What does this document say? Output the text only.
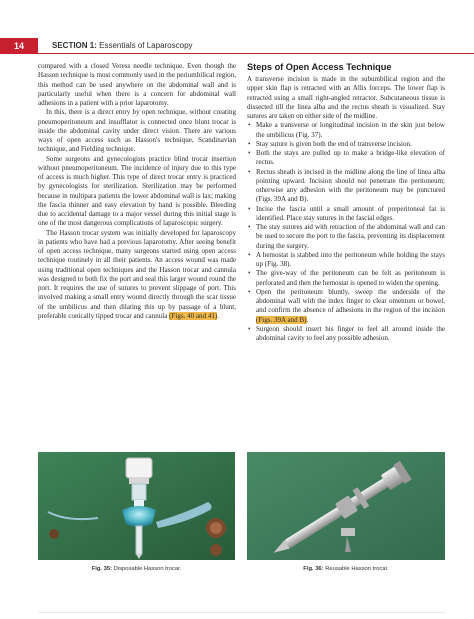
14	SECTION 1: Essentials of Laparoscopy

compared with a closed Veress needle technique. Even though the Hasson technique is most commonly used in the periumbilical region, this method can be used anywhere on the abdominal wall and is particularly useful when there is a concern for abdominal wall adhesions in a patient with a prior laparotomy.

In this, there is a direct entry by open technique, without creating pneumoperitoneum and insufflator is connected once blunt trocar is inside the abdominal cavity under direct vision. There are various ways of open access such as Hasson's technique, Scandinavian technique, and Fielding technique.

Some surgeons and gynecologists practice blind trocar insertion without pneumoperitoneum. The incidence of injury due to this type of access is much higher. This type of direct trocar entry is practiced by gynecologists for sterilization. Sterilization may be performed because in multipara patients the lower abdominal wall is lax; making the fascia thinner and easy elevation by hand is possible. Bleeding due to accidental damage to a major vessel during this initial stage is one of the most dangerous complications of laparoscopic surgery.

The Hasson trocar system was initially developed for laparoscopy in patients who have had a previous laparotomy. After seeing benefit of open access technique, many surgeons started using open access technique routinely in all their patients. An access wound was made using traditional open techniques and the Hasson trocar and cannula was designed to both fix the port and seal this larger wound round the port. It requires the use of sutures to prevent slippage of port. This involved making a small entry wound directly through the scar tissue of the umbilicus and then dilating this up by passage of a blunt, preferable conically tipped trocar and cannula (Figs. 40 and 41).

Steps of Open Access Technique

A transverse incision is made in the subumbilical region and the upper skin flap is retracted with an Allis forceps. The lower flap is retracted using a small right-angled retractor. Subcutaneous tissue is dissected till the linea alba and the rectus sheath is visualized. Stay sutures are taken on either side of the midline.

• Make a transverse or longitudinal incision in the skin just below the umbilicus (Fig. 37).
• Stay suture is given both the end of transverse incision.
• Both the stays are pulled up to make a bridge-like elevation of rectus.
• Rectus sheath is incised in the midline along the line of linea alba pointing upward. Incision should not penetrate the peritoneum; otherwise any adhesion with the peritoneum may be punctured (Figs. 39A and B).
• Incise the fascia until a small amount of preperitoneal fat is identified. Place stay sutures in the fascial edges.
• The stay sutures aid with retraction of the abdominal wall and can be used to secure the port to the fascia, preventing its displacement during the surgery.
• A hemostat is stabbed into the peritoneum while holding the stays up (Fig. 38).
• The give-way of the peritoneum can be felt as peritoneum is perforated and then the hemostat is opened to widen the opening.
• Open the peritoneum bluntly, sweep the underside of the abdominal wall with the index finger to clear omentum or bowel, and confirm the absence of adhesions in the region of the incision (Figs. 39A and B).
• Surgeon should insert his finger to feel all around inside the abdominal cavity to feel any possible adhesion.
Fig. 35: Disposable Hasson trocar.	Fig. 36: Reusable Hasson trocar.
